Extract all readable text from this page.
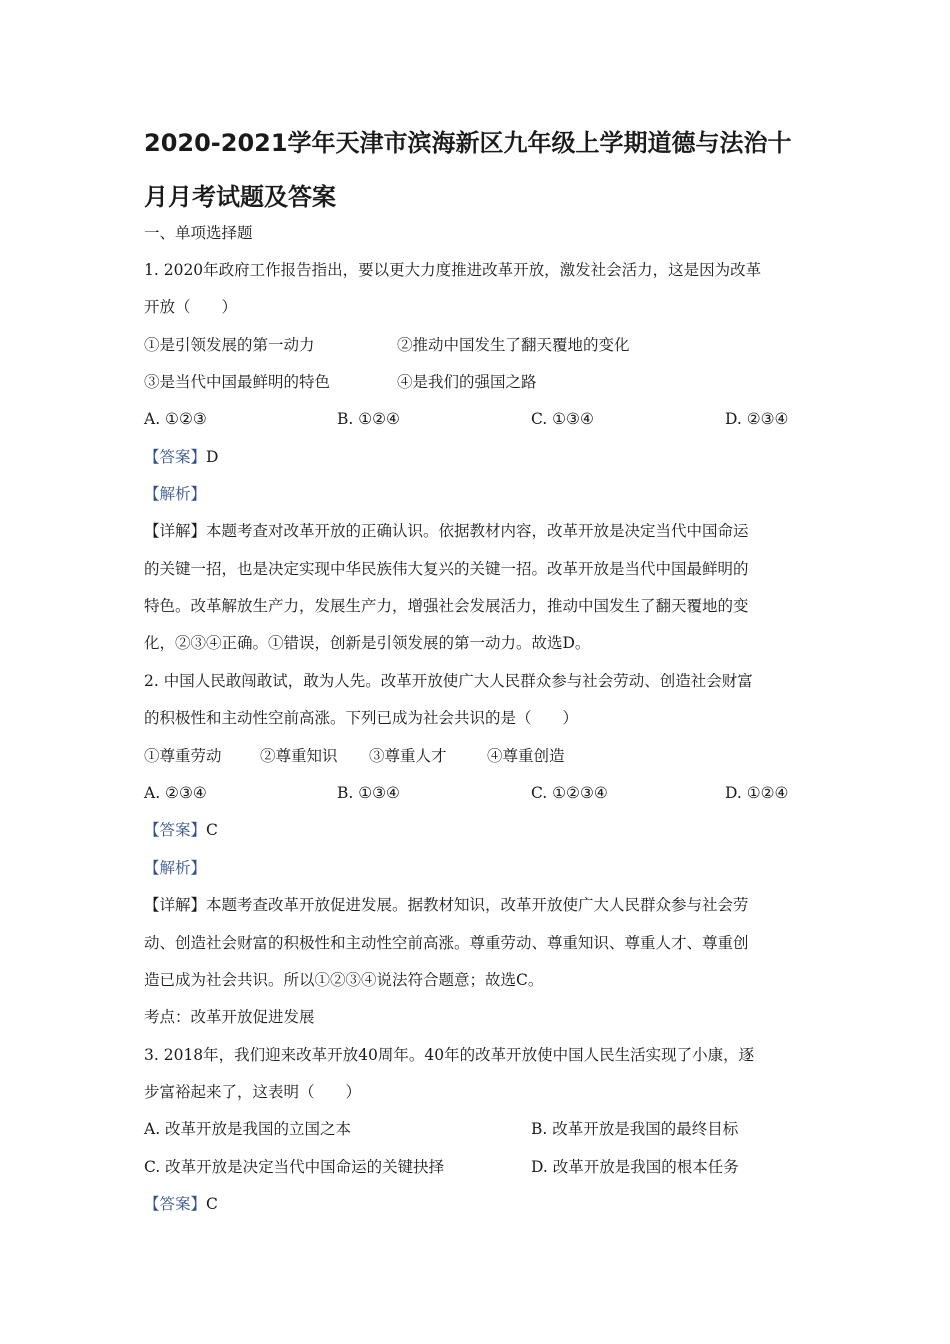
2020-2021学年天津市滨海新区九年级上学期道德与法治十
月月考试题及答案
一、单项选择题
1. 2020年政府工作报告指出，要以更大力度推进改革开放，激发社会活力，这是因为改革
开放（　　）
①是引领发展的第一动力	②推动中国发生了翻天覆地的变化
③是当代中国最鲜明的特色	④是我们的强国之路
A. ①②③	B. ①②④	C. ①③④	D. ②③④
【答案】D
【解析】
【详解】本题考查对改革开放的正确认识。依据教材内容，改革开放是决定当代中国命运
的关键一招，也是决定实现中华民族伟大复兴的关键一招。改革开放是当代中国最鲜明的
特色。改革解放生产力，发展生产力，增强社会发展活力，推动中国发生了翻天覆地的变
化，②③④正确。①错误，创新是引领发展的第一动力。故选D。
2. 中国人民敢闯敢试，敢为人先。改革开放使广大人民群众参与社会劳动、创造社会财富
的积极性和主动性空前高涨。下列已成为社会共识的是（　　）
①尊重劳动 ②尊重知识 ③尊重人才	④尊重创造
A. ②③④	B. ①③④	C. ①②③④	D. ①②④
【答案】C
【解析】
【详解】本题考查改革开放促进发展。据教材知识，改革开放使广大人民群众参与社会劳
动、创造社会财富的积极性和主动性空前高涨。尊重劳动、尊重知识、尊重人才、尊重创
造已成为社会共识。所以①②③④说法符合题意；故选C。
考点：改革开放促进发展
3. 2018年，我们迎来改革开放40周年。40年的改革开放使中国人民生活实现了小康，逐
步富裕起来了，这表明（　　）
A. 改革开放是我国的立国之本	B. 改革开放是我国的最终目标
C. 改革开放是决定当代中国命运的关键抉择	D. 改革开放是我国的根本任务
【答案】C
